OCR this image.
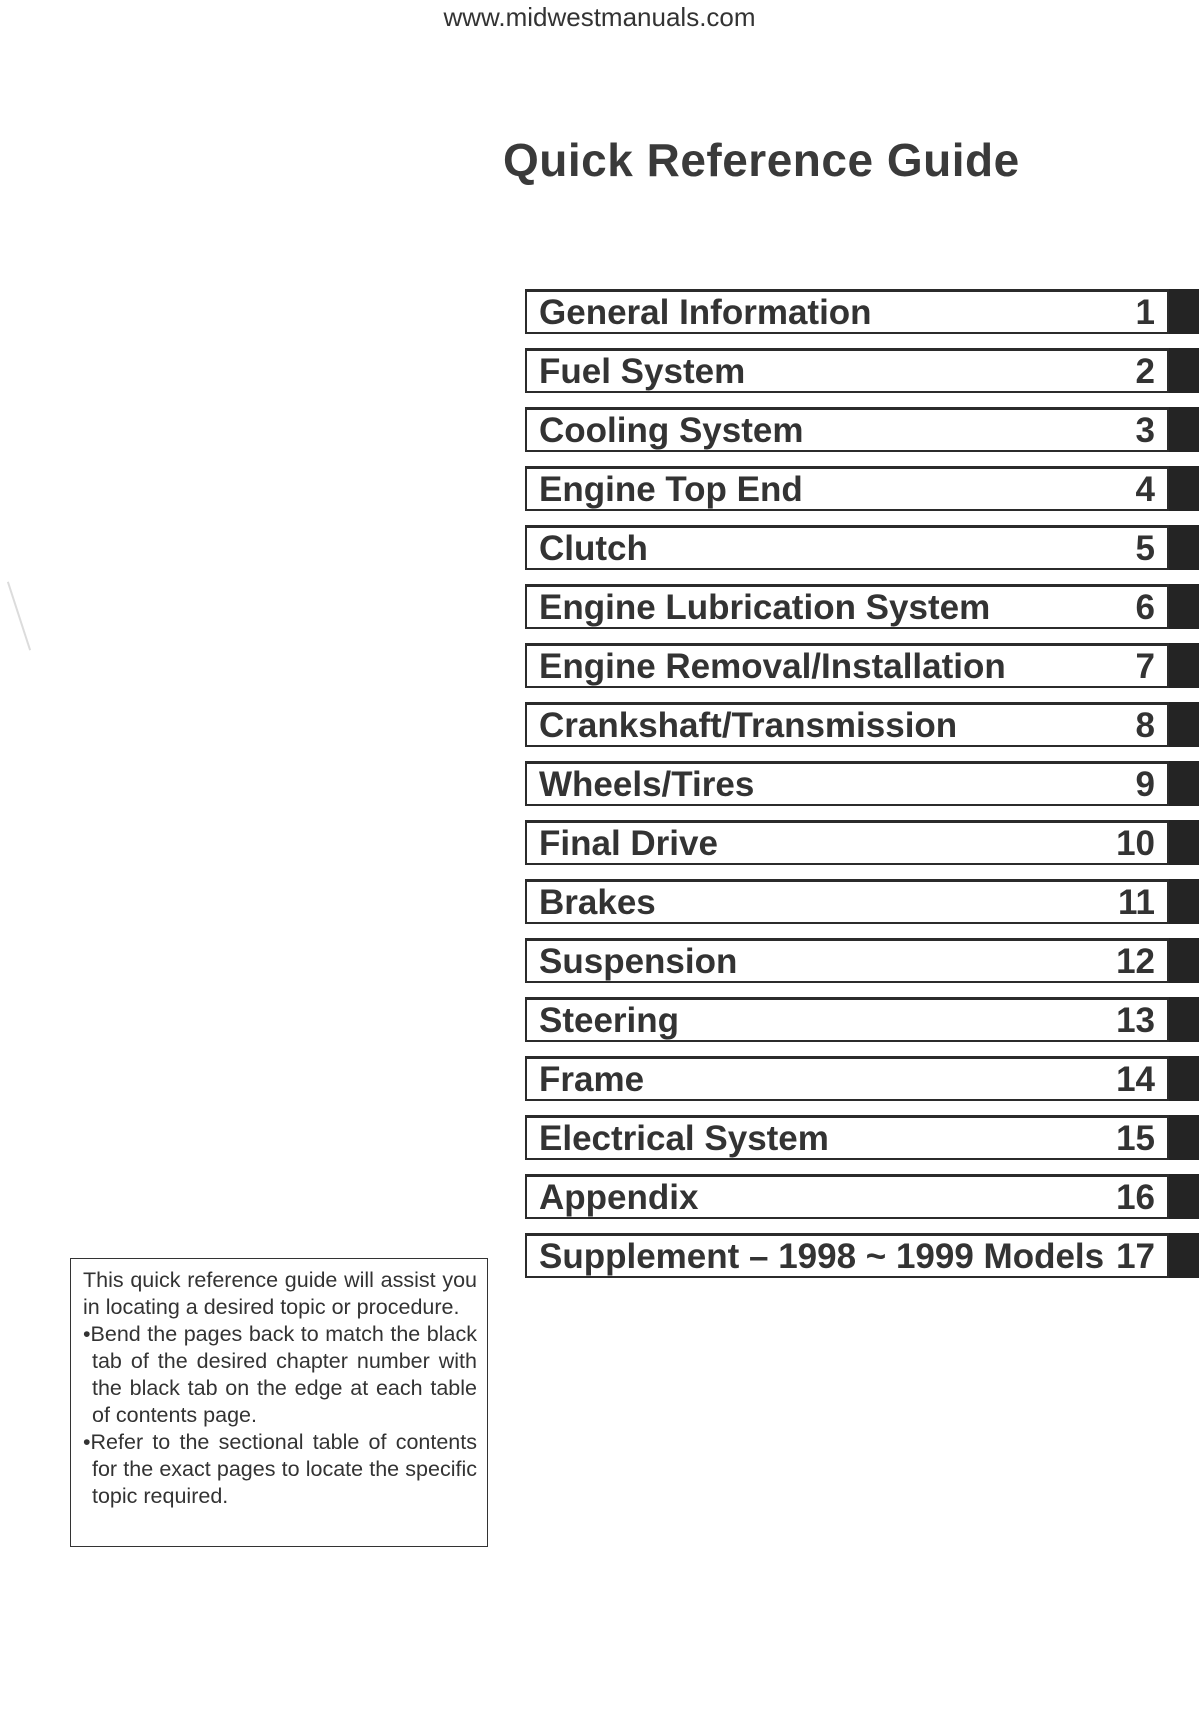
www.midwestmanuals.com
Quick Reference Guide
General Information	1
Fuel System	2
Cooling System	3
Engine Top End	4
Clutch	5
Engine Lubrication System	6
Engine Removal/Installation	7
Crankshaft/Transmission	8
Wheels/Tires	9
Final Drive	10
Brakes	11
Suspension	12
Steering	13
Frame	14
Electrical System	15
Appendix	16
Supplement – 1998 ~ 1999 Models 17

This quick reference guide will assist you in locating a desired topic or procedure.

•Bend the pages back to match the black tab of the desired chapter number with the black tab on the edge at each table of contents page.

•Refer to the sectional table of contents for the exact pages to locate the specific topic required.
